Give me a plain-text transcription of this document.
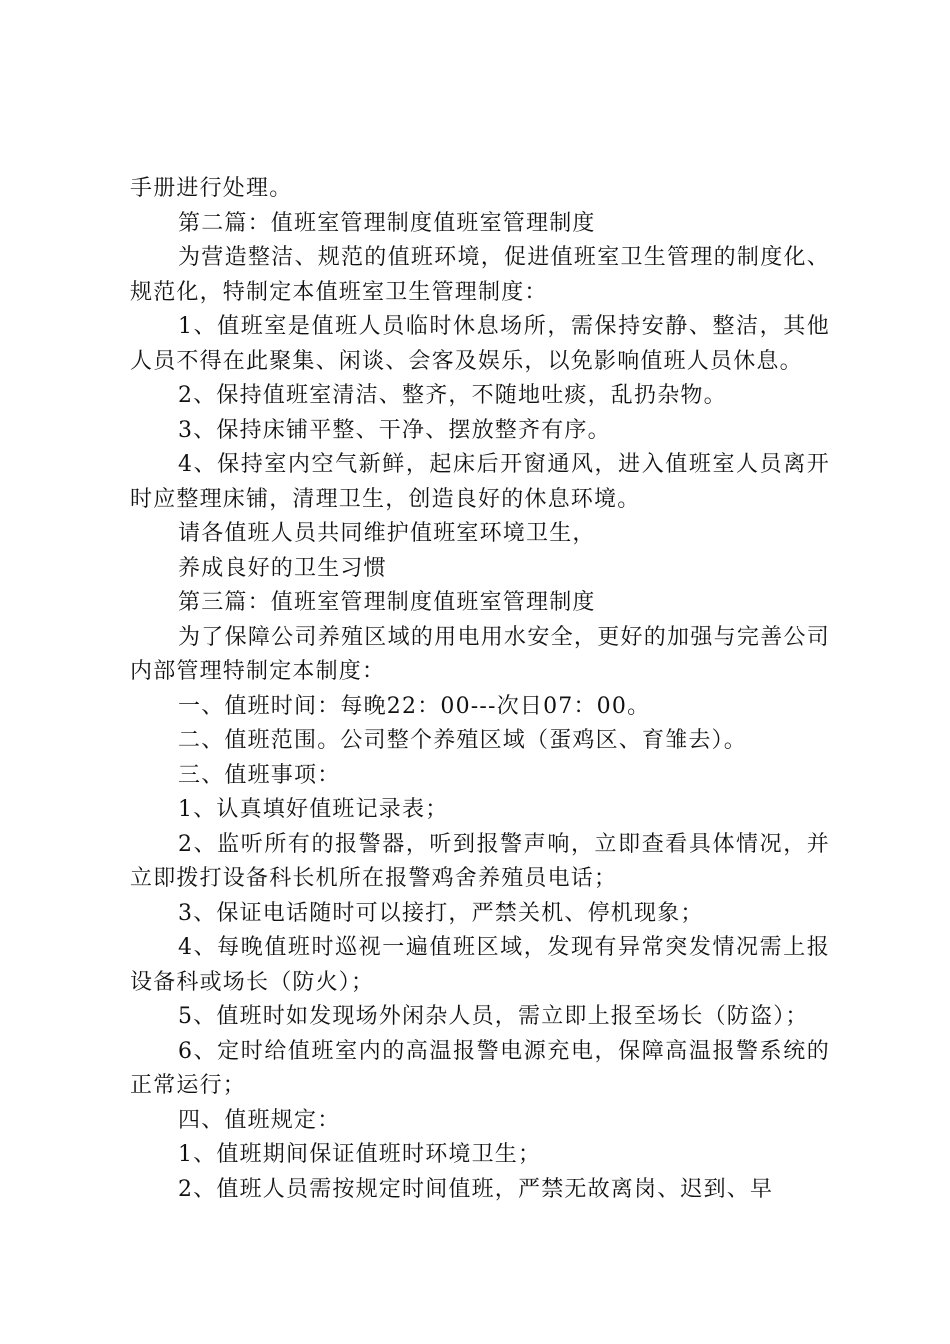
手册进行处理。

第二篇：值班室管理制度值班室管理制度

为营造整洁、规范的值班环境，促进值班室卫生管理的制度化、规范化，特制定本值班室卫生管理制度：

1、值班室是值班人员临时休息场所，需保持安静、整洁，其他人员不得在此聚集、闲谈、会客及娱乐，以免影响值班人员休息。

2、保持值班室清洁、整齐，不随地吐痰，乱扔杂物。

3、保持床铺平整、干净、摆放整齐有序。

4、保持室内空气新鲜，起床后开窗通风，进入值班室人员离开时应整理床铺，清理卫生，创造良好的休息环境。

请各值班人员共同维护值班室环境卫生，

养成良好的卫生习惯

第三篇：值班室管理制度值班室管理制度

为了保障公司养殖区域的用电用水安全，更好的加强与完善公司内部管理特制定本制度：

一、值班时间：每晚22：00---次日07：00。

二、值班范围。公司整个养殖区域（蛋鸡区、育雏去）。

三、值班事项：

1、认真填好值班记录表；

2、监听所有的报警器，听到报警声响，立即查看具体情况，并立即拨打设备科长机所在报警鸡舍养殖员电话；

3、保证电话随时可以接打，严禁关机、停机现象；

4、每晚值班时巡视一遍值班区域，发现有异常突发情况需上报设备科或场长（防火）；

5、值班时如发现场外闲杂人员，需立即上报至场长（防盗）；

6、定时给值班室内的高温报警电源充电，保障高温报警系统的正常运行；

四、值班规定：

1、值班期间保证值班时环境卫生；

2、值班人员需按规定时间值班，严禁无故离岗、迟到、早
